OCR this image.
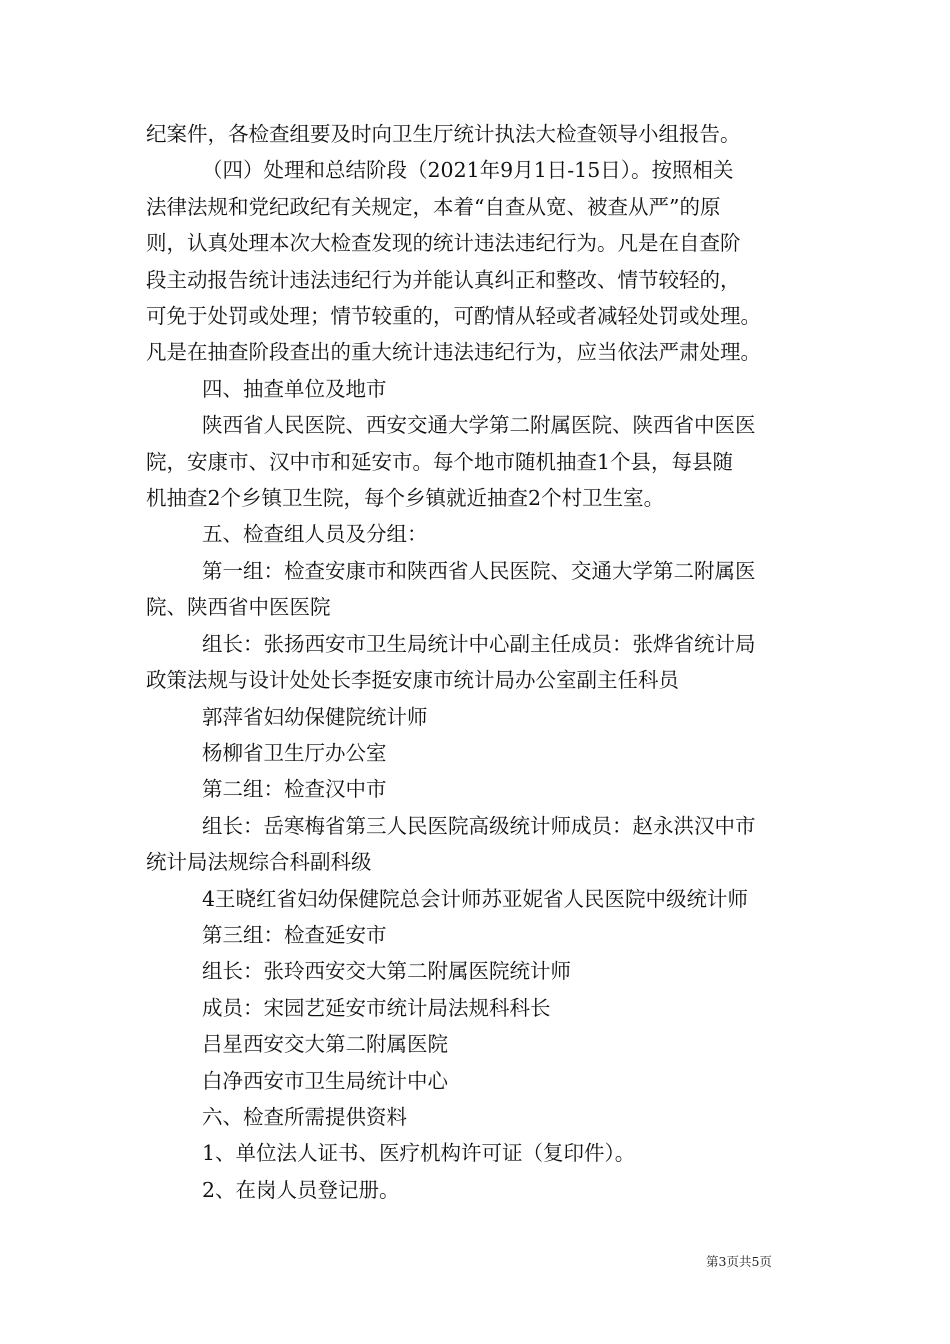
纪案件，各检查组要及时向卫生厅统计执法大检查领导小组报告。
（四）处理和总结阶段（2021年9月1日-15日）。按照相关
法律法规和党纪政纪有关规定，本着“自查从宽、被查从严”的原
则，认真处理本次大检查发现的统计违法违纪行为。凡是在自查阶
段主动报告统计违法违纪行为并能认真纠正和整改、情节较轻的，
可免于处罚或处理；情节较重的，可酌情从轻或者减轻处罚或处理。
凡是在抽查阶段查出的重大统计违法违纪行为，应当依法严肃处理。
四、抽查单位及地市
陕西省人民医院、西安交通大学第二附属医院、陕西省中医医
院，安康市、汉中市和延安市。每个地市随机抽查1个县，每县随
机抽查2个乡镇卫生院，每个乡镇就近抽查2个村卫生室。
五、检查组人员及分组：
第一组：检查安康市和陕西省人民医院、交通大学第二附属医
院、陕西省中医医院
组长：张扬西安市卫生局统计中心副主任成员：张烨省统计局
政策法规与设计处处长李挺安康市统计局办公室副主任科员
郭萍省妇幼保健院统计师
杨柳省卫生厅办公室
第二组：检查汉中市
组长：岳寒梅省第三人民医院高级统计师成员：赵永洪汉中市
统计局法规综合科副科级
4王晓红省妇幼保健院总会计师苏亚妮省人民医院中级统计师
第三组：检查延安市
组长：张玲西安交大第二附属医院统计师
成员：宋园艺延安市统计局法规科科长
吕星西安交大第二附属医院
白净西安市卫生局统计中心
六、检查所需提供资料
1、单位法人证书、医疗机构许可证（复印件）。
2、在岗人员登记册。
第3页共5页
